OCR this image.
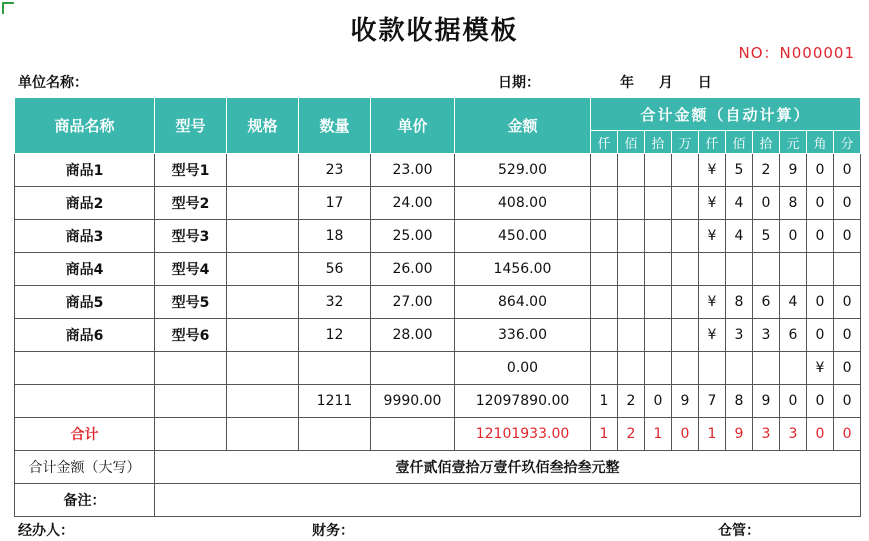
收款收据模板
NO：N000001
单位名称：	日期：	年 月 日
商品名称	型号	规格	数量	单价	金额	合计金额（自动计算）									
						仟	佰	拾	万	仟	佰	拾	元	角	分
商品1	型号1		23	23.00	529.00					¥	5	2	9	0	0
商品2	型号2		17	24.00	408.00					¥	4	0	8	0	0
商品3	型号3		18	25.00	450.00					¥	4	5	0	0	0
商品4	型号4		56	26.00	1456.00										
商品5	型号5		32	27.00	864.00					¥	8	6	4	0	0
商品6	型号6		12	28.00	336.00					¥	3	3	6	0	0
					0.00									¥	0
			1211	9990.00	12097890.00	1	2	0	9	7	8	9	0	0	0
合计					12101933.00	1	2	1	0	1	9	3	3	0	0
合计金额（大写）	壹仟贰佰壹拾万壹仟玖佰叁拾叁元整														
备注：															
经办人：	财务：	仓管：
